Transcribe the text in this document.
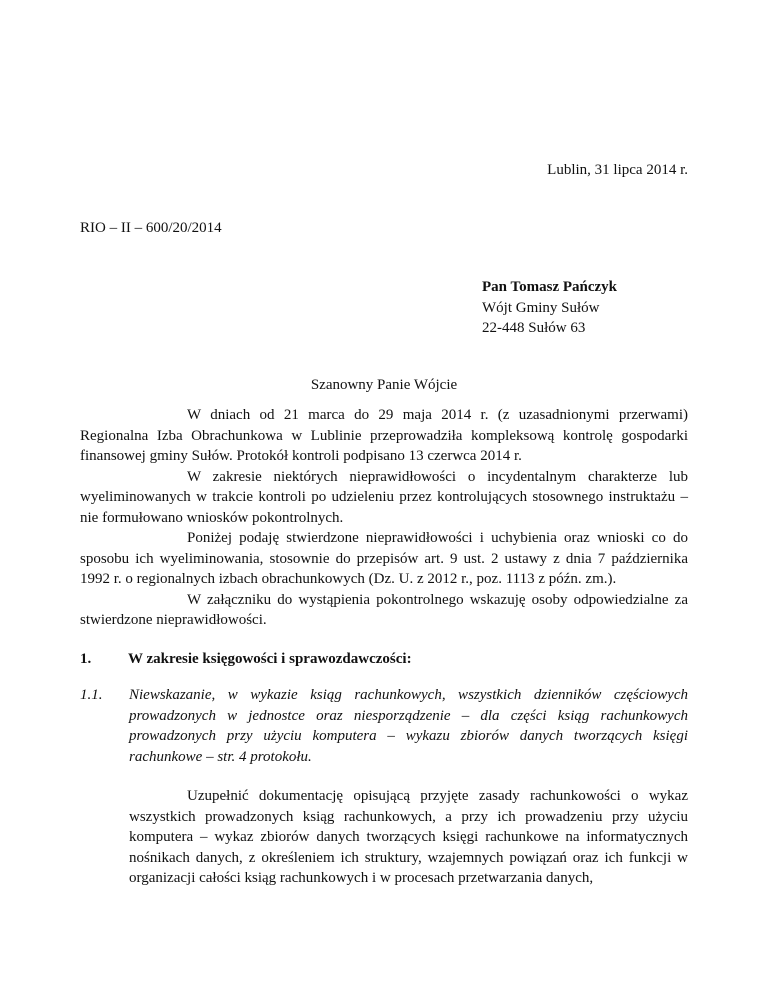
Lublin, 31 lipca 2014 r.
RIO – II – 600/20/2014
Pan Tomasz Pańczyk
Wójt Gminy Sułów
22-448 Sułów 63
Szanowny Panie Wójcie

W dniach od 21 marca do 29 maja 2014 r. (z uzasadnionymi przerwami) Regionalna Izba Obrachunkowa w Lublinie przeprowadziła kompleksową kontrolę gospodarki finansowej gminy Sułów. Protokół kontroli podpisano 13 czerwca 2014 r.

W zakresie niektórych nieprawidłowości o incydentalnym charakterze lub wyeliminowanych w trakcie kontroli po udzieleniu przez kontrolujących stosownego instruktażu – nie formułowano wniosków pokontrolnych.

Poniżej podaję stwierdzone nieprawidłowości i uchybienia oraz wnioski co do sposobu ich wyeliminowania, stosownie do przepisów art. 9 ust. 2 ustawy z dnia 7 października 1992 r. o regionalnych izbach obrachunkowych (Dz. U. z 2012 r., poz. 1113 z późn. zm.).

W załączniku do wystąpienia pokontrolnego wskazuję osoby odpowiedzialne za stwierdzone nieprawidłowości.

1.	W zakresie księgowości i sprawozdawczości:
1.1.	Niewskazanie, w wykazie ksiąg rachunkowych, wszystkich dzienników częściowych prowadzonych w jednostce oraz niesporządzenie – dla części ksiąg rachunkowych prowadzonych przy użyciu komputera – wykazu zbiorów danych tworzących księgi rachunkowe – str. 4 protokołu.
Uzupełnić dokumentację opisującą przyjęte zasady rachunkowości o wykaz wszystkich prowadzonych ksiąg rachunkowych, a przy ich prowadzeniu przy użyciu komputera – wykaz zbiorów danych tworzących księgi rachunkowe na informatycznych nośnikach danych, z określeniem ich struktury, wzajemnych powiązań oraz ich funkcji w organizacji całości ksiąg rachunkowych i w procesach przetwarzania danych,
